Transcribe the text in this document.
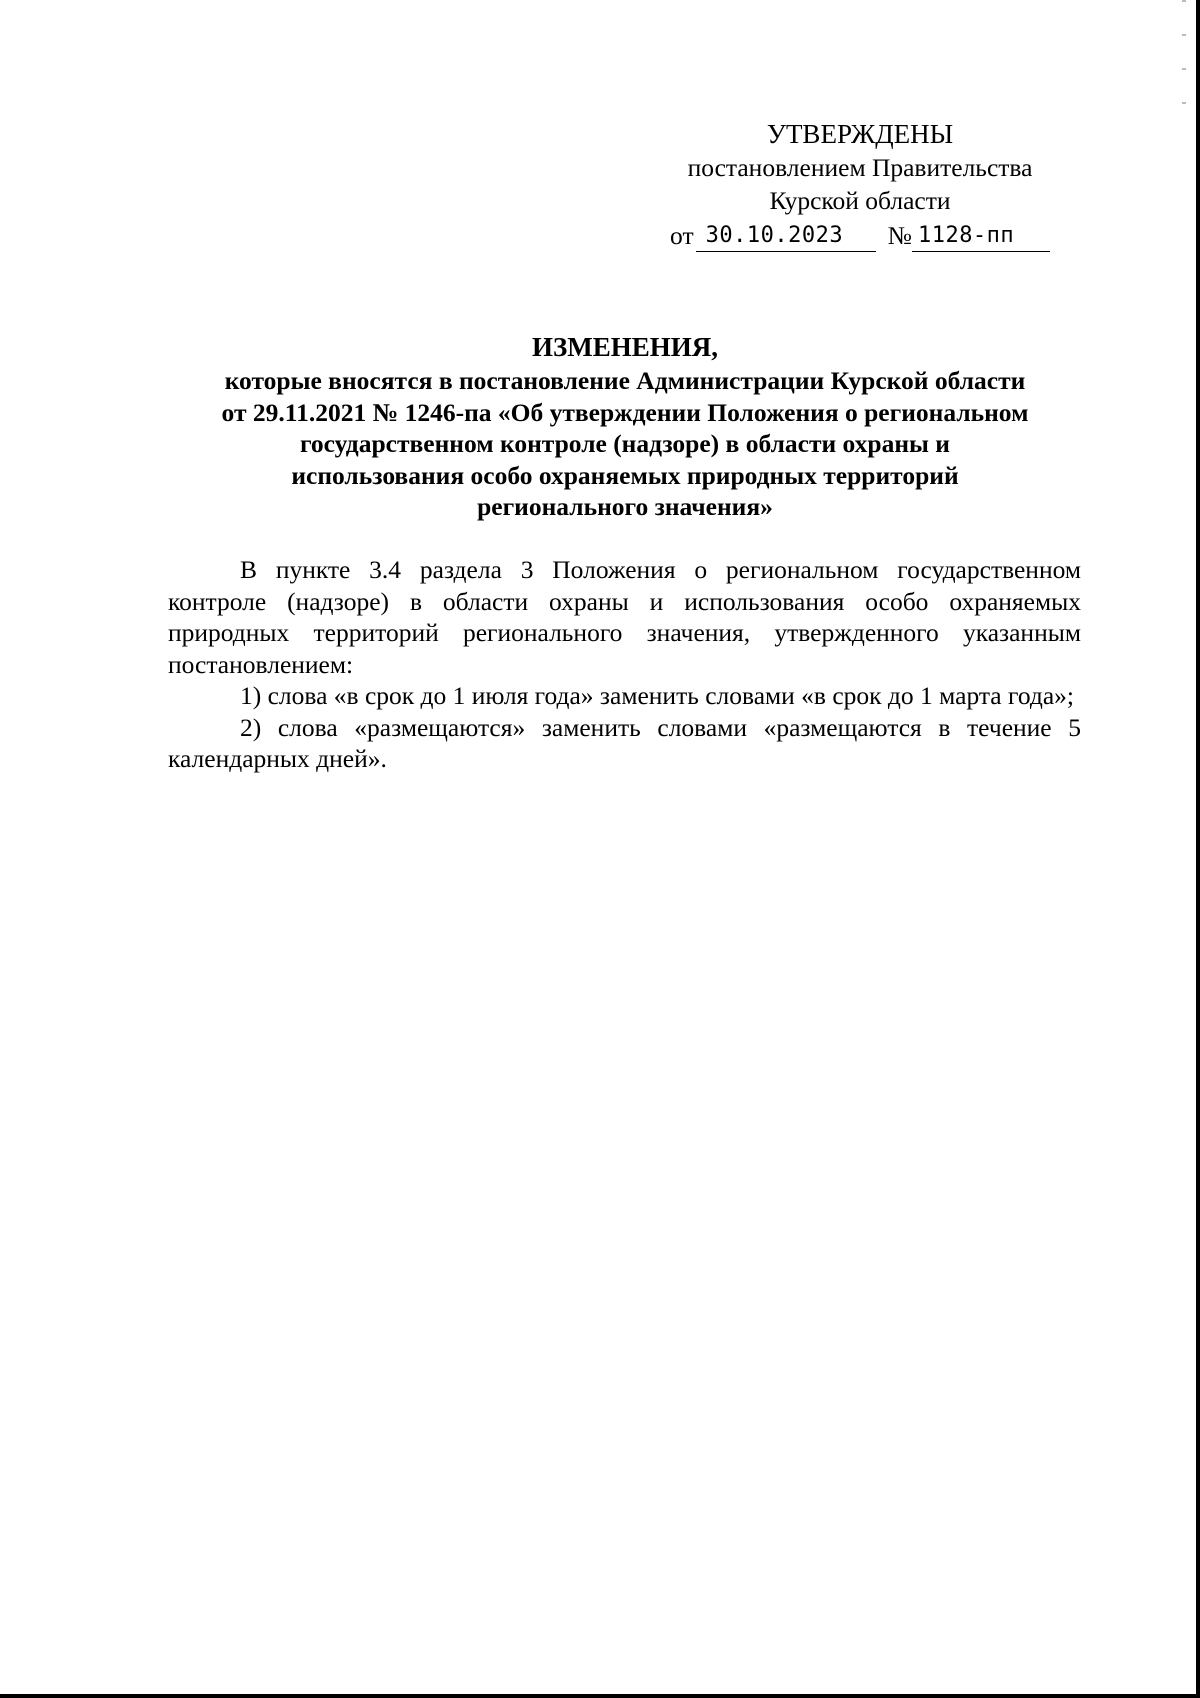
УТВЕРЖДЕНЫ
постановлением Правительства
Курской области
от 30.10.2023	№ 1128-пп
ИЗМЕНЕНИЯ,
которые вносятся в постановление Администрации Курской области
от 29.11.2021 № 1246-па «Об утверждении Положения о региональном
государственном контроле (надзоре) в области охраны и
использования особо охраняемых природных территорий
регионального значения»

В пункте 3.4 раздела 3 Положения о региональном государственном контроле (надзоре) в области охраны и использования особо охраняемых природных территорий регионального значения, утвержденного указанным постановлением:

1) слова «в срок до 1 июля года» заменить словами «в срок до 1 марта года»;

2) слова «размещаются» заменить словами «размещаются в течение 5 календарных дней».
